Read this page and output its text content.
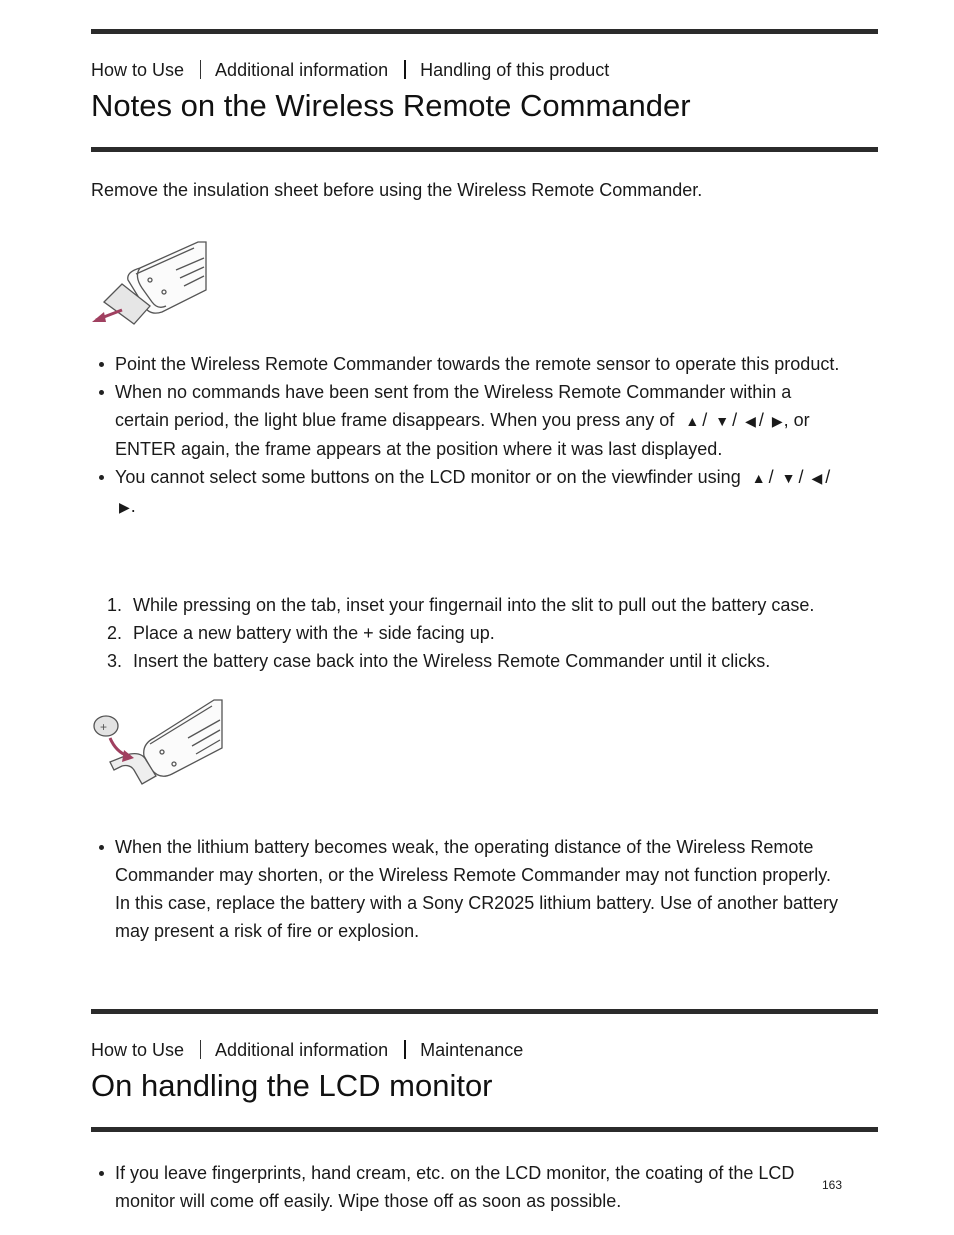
How to Use Additional information Handling of this product
Notes on the Wireless Remote Commander

Remove the insulation sheet before using the Wireless Remote Commander.

Point the Wireless Remote Commander towards the remote sensor to operate this product.
When no commands have been sent from the Wireless Remote Commander within a
certain period, the light blue frame disappears. When you press any of ▲ / ▼ / ◀ / ▶, or
ENTER again, the frame appears at the position where it was last displayed.
You cannot select some buttons on the LCD monitor or on the viewfinder using ▲ / ▼ / ◀ /
▶.
1. While pressing on the tab, inset your fingernail into the slit to pull out the battery case.
2. Place a new battery with the + side facing up.
3. Insert the battery case back into the Wireless Remote Commander until it clicks.
+
When the lithium battery becomes weak, the operating distance of the Wireless Remote
Commander may shorten, or the Wireless Remote Commander may not function properly.
In this case, replace the battery with a Sony CR2025 lithium battery. Use of another battery
may present a risk of fire or explosion.
How to Use Additional information Maintenance
On handling the LCD monitor
If you leave fingerprints, hand cream, etc. on the LCD monitor, the coating of the LCD
monitor will come off easily. Wipe those off as soon as possible.
163
